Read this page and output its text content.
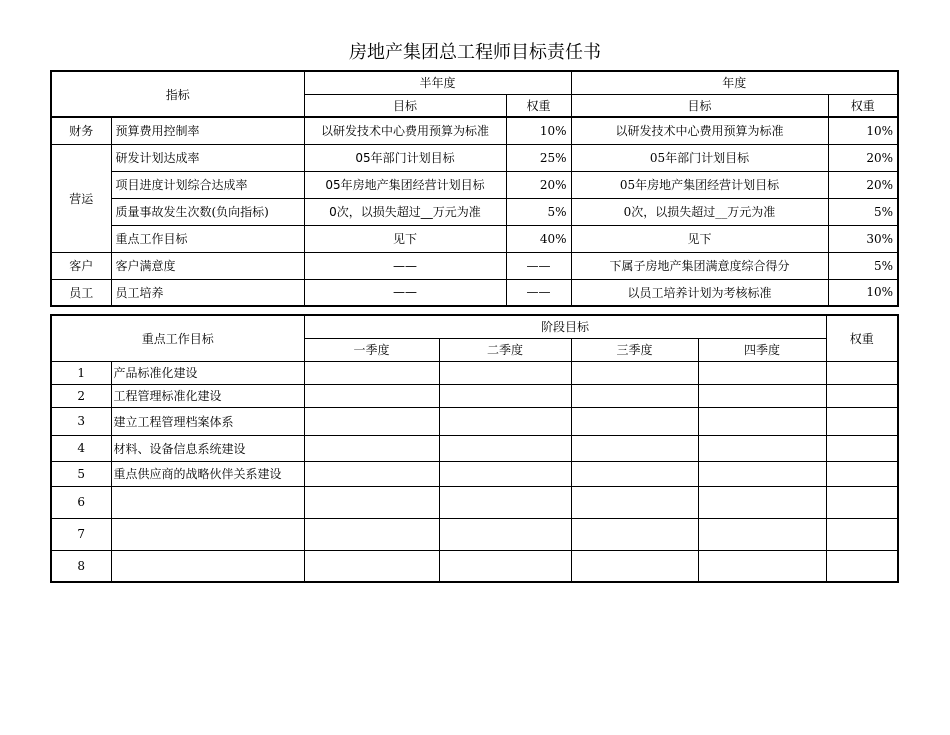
房地产集团总工程师目标责任书
指标		半年度		年度	
		目标	权重	目标	权重
财务	预算费用控制率	以研发技术中心费用预算为标准	10%	以研发技术中心费用预算为标准	10%
营运	研发计划达成率	05年部门计划目标	25%	05年部门计划目标	20%
	项目进度计划综合达成率	05年房地产集团经营计划目标	20%	05年房地产集团经营计划目标	20%
	质量事故发生次数(负向指标)	0次，以损失超过__万元为准	5%	0次，以损失超过__万元为准	5%
	重点工作目标	见下	40%	见下	30%
客户	客户满意度	——	——	下属子房地产集团满意度综合得分	5%
员工	员工培养	——	——	以员工培养计划为考核标准	10%
重点工作目标		阶段目标				权重
		一季度	二季度	三季度	四季度	
1	产品标准化建设					
2	工程管理标准化建设					
3	建立工程管理档案体系					
4	材料、设备信息系统建设					
5	重点供应商的战略伙伴关系建设					
6						
7						
8						
